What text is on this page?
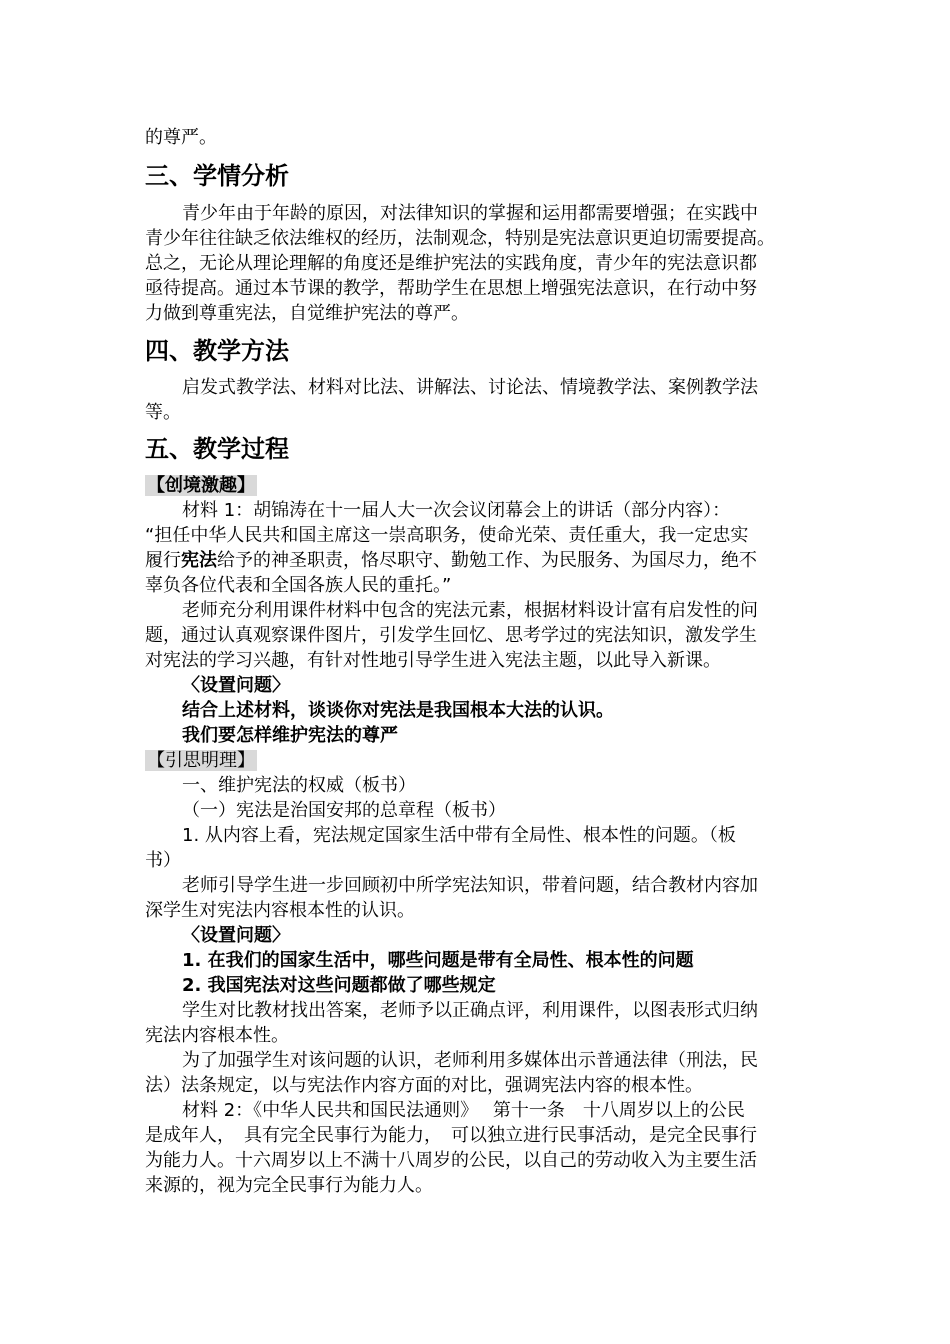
的尊严。
三、学情分析
青少年由于年龄的原因，对法律知识的掌握和运用都需要增强；在实践中
青少年往往缺乏依法维权的经历，法制观念，特别是宪法意识更迫切需要提高。
总之，无论从理论理解的角度还是维护宪法的实践角度，青少年的宪法意识都
亟待提高。通过本节课的教学，帮助学生在思想上增强宪法意识，在行动中努
力做到尊重宪法，自觉维护宪法的尊严。
四、教学方法
启发式教学法、材料对比法、讲解法、讨论法、情境教学法、案例教学法
等。
五、教学过程
【创境激趣】
材料 1：胡锦涛在十一届人大一次会议闭幕会上的讲话（部分内容）：
“担任中华人民共和国主席这一崇高职务，使命光荣、责任重大，我一定忠实
履行宪法给予的神圣职责，恪尽职守、勤勉工作、为民服务、为国尽力，绝不
辜负各位代表和全国各族人民的重托。”
老师充分利用课件材料中包含的宪法元素，根据材料设计富有启发性的问
题，通过认真观察课件图片，引发学生回忆、思考学过的宪法知识，激发学生
对宪法的学习兴趣，有针对性地引导学生进入宪法主题，以此导入新课。
〈设置问题〉
结合上述材料，谈谈你对宪法是我国根本大法的认识。
我们要怎样维护宪法的尊严
【引思明理】
一、维护宪法的权威（板书）
（一）宪法是治国安邦的总章程（板书）
1. 从内容上看，宪法规定国家生活中带有全局性、根本性的问题。（板
书）
老师引导学生进一步回顾初中所学宪法知识，带着问题，结合教材内容加
深学生对宪法内容根本性的认识。
〈设置问题〉
1. 在我们的国家生活中，哪些问题是带有全局性、根本性的问题
2. 我国宪法对这些问题都做了哪些规定
学生对比教材找出答案，老师予以正确点评，利用课件，以图表形式归纳
宪法内容根本性。
为了加强学生对该问题的认识，老师利用多媒体出示普通法律（刑法，民
法）法条规定，以与宪法作内容方面的对比，强调宪法内容的根本性。
材料 2：《中华人民共和国民法通则》　 第十一条　十八周岁以上的公民
是成年人，　具有完全民事行为能力，　可以独立进行民事活动，是完全民事行
为能力人。十六周岁以上不满十八周岁的公民，以自己的劳动收入为主要生活
来源的，视为完全民事行为能力人。
